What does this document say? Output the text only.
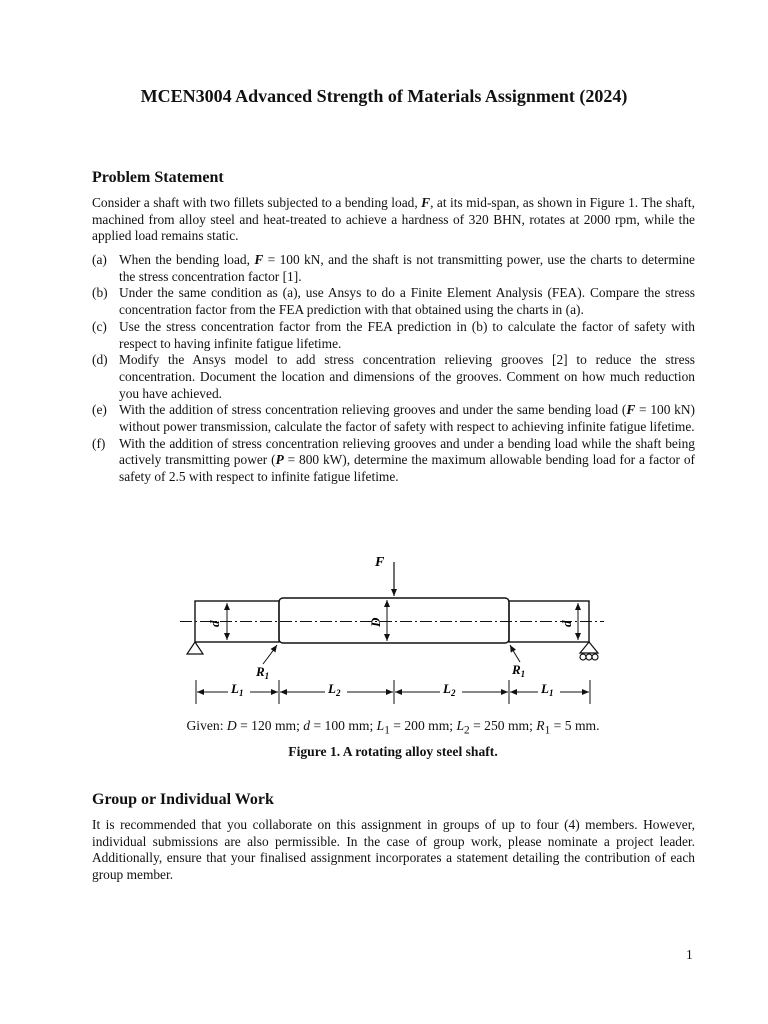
MCEN3004 Advanced Strength of Materials Assignment (2024)
Problem Statement

Consider a shaft with two fillets subjected to a bending load, F, at its mid-span, as shown in Figure 1. The shaft, machined from alloy steel and heat-treated to achieve a hardness of 320 BHN, rotates at 2000 rpm, while the applied load remains static.

(a) When the bending load, F = 100 kN, and the shaft is not transmitting power, use the charts to determine the stress concentration factor [1].
(b) Under the same condition as (a), use Ansys to do a Finite Element Analysis (FEA). Compare the stress concentration factor from the FEA prediction with that obtained using the charts in (a).
(c) Use the stress concentration factor from the FEA prediction in (b) to calculate the factor of safety with respect to having infinite fatigue lifetime.
(d) Modify the Ansys model to add stress concentration relieving grooves [2] to reduce the stress concentration. Document the location and dimensions of the grooves. Comment on how much reduction you have achieved.
(e) With the addition of stress concentration relieving grooves and under the same bending load (F = 100 kN) without power transmission, calculate the factor of safety with respect to achieving infinite fatigue lifetime.
(f) With the addition of stress concentration relieving grooves and under a bending load while the shaft being actively transmitting power (P = 800 kW), determine the maximum allowable bending load for a factor of safety of 2.5 with respect to infinite fatigue lifetime.
F
D
d	d
$R_1$	$R_1$
$L_1$	$L_2$	$L_2$	$L_1$
Given: D = 120 mm; d = 100 mm; $L_1 = 200$ mm; $L_2 = 250$ mm; $R_1 = 5$ mm.
Figure 1. A rotating alloy steel shaft.
Group or Individual Work

It is recommended that you collaborate on this assignment in groups of up to four (4) members. However, individual submissions are also permissible. In the case of group work, please nominate a project leader. Additionally, ensure that your finalised assignment incorporates a statement detailing the contribution of each group member.

1
